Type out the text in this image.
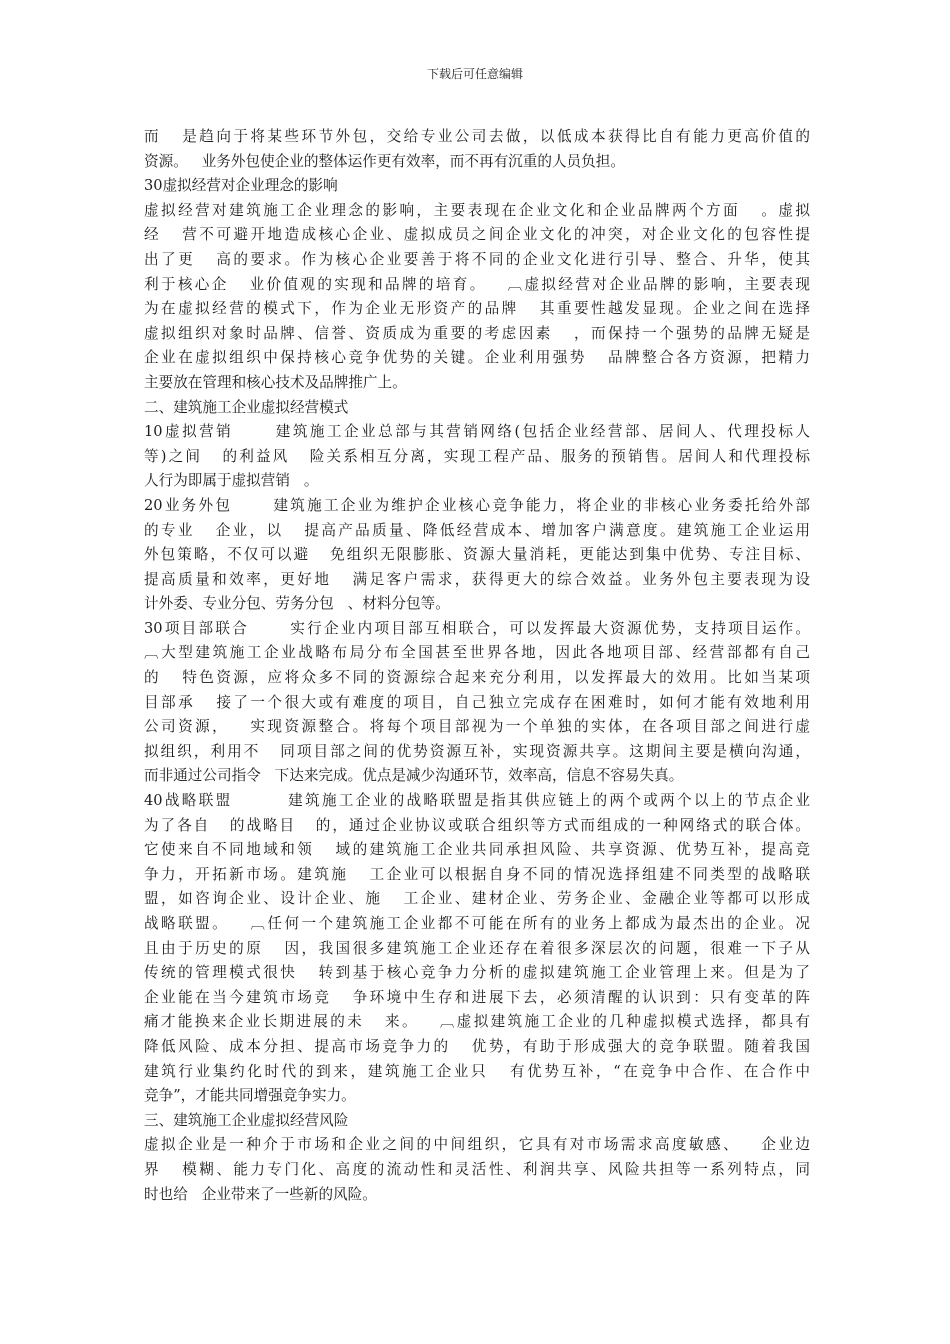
下载后可任意编辑
而   是趋向于将某些环节外包，交给专业公司去做，以低成本获得比自有能力更高价值的
资源。   业务外包使企业的整体运作更有效率，而不再有沉重的人员负担。
30虚拟经营对企业理念的影响
虚拟经营对建筑施工企业理念的影响，主要表现在企业文化和企业品牌两个方面   。虚拟
经   营不可避开地造成核心企业、虚拟成员之间企业文化的冲突，对企业文化的包容性提
出了更   高的要求。作为核心企业要善于将不同的企业文化进行引导、整合、升华，使其
利于核心企   业价值观的实现和品牌的培育。   ︹虚拟经营对企业品牌的影响，主要表现
为在虚拟经营的模式下，作为企业无形资产的品牌   其重要性越发显现。企业之间在选择
虚拟组织对象时品牌、信誉、资质成为重要的考虑因素   ，而保持一个强势的品牌无疑是
企业在虚拟组织中保持核心竞争优势的关键。企业利用强势   品牌整合各方资源，把精力
主要放在管理和核心技术及品牌推广上。
二、建筑施工企业虚拟经营模式
10虚拟营销      建筑施工企业总部与其营销网络(包括企业经营部、居间人、代理投标人
等)之间   的利益风   险关系相互分离，实现工程产品、服务的预销售。居间人和代理投标
人行为即属于虚拟营销   。
20业务外包      建筑施工企业为维护企业核心竞争能力，将企业的非核心业务委托给外部
的专业   企业，以   提高产品质量、降低经营成本、增加客户满意度。建筑施工企业运用
外包策略，不仅可以避   免组织无限膨胀、资源大量消耗，更能达到集中优势、专注目标、
提高质量和效率，更好地   满足客户需求，获得更大的综合效益。业务外包主要表现为设
计外委、专业分包、劳务分包   、材料分包等。
30项目部联合      实行企业内项目部互相联合，可以发挥最大资源优势，支持项目运作。
︹大型建筑施工企业战略布局分布全国甚至世界各地，因此各地项目部、经营部都有自己
的   特色资源，应将众多不同的资源综合起来充分利用，以发挥最大的效用。比如当某项
目部承   接了一个很大或有难度的项目，自己独立完成存在困难时，如何才能有效地利用
公司资源，   实现资源整合。将每个项目部视为一个单独的实体，在各项目部之间进行虚
拟组织，利用不   同项目部之间的优势资源互补，实现资源共享。这期间主要是横向沟通，
而非通过公司指令   下达来完成。优点是减少沟通环节，效率高，信息不容易失真。
40战略联盟        建筑施工企业的战略联盟是指其供应链上的两个或两个以上的节点企业
为了各自   的战略目   的，通过企业协议或联合组织等方式而组成的一种网络式的联合体。
它使来自不同地域和领   域的建筑施工企业共同承担风险、共享资源、优势互补，提高竞
争力，开拓新市场。建筑施   工企业可以根据自身不同的情况选择组建不同类型的战略联
盟，如咨询企业、设计企业、施   工企业、建材企业、劳务企业、金融企业等都可以形成
战略联盟。   ︹任何一个建筑施工企业都不可能在所有的业务上都成为最杰出的企业。况
且由于历史的原   因，我国很多建筑施工企业还存在着很多深层次的问题，很难一下子从
传统的管理模式很快   转到基于核心竞争力分析的虚拟建筑施工企业管理上来。但是为了
企业能在当今建筑市场竞   争环境中生存和进展下去，必须清醒的认识到：只有变革的阵
痛才能换来企业长期进展的未   来。   ︹虚拟建筑施工企业的几种虚拟模式选择，都具有
降低风险、成本分担、提高市场竞争力的   优势，有助于形成强大的竞争联盟。随着我国
建筑行业集约化时代的到来，建筑施工企业只   有优势互补，“在竞争中合作、在合作中
竞争”，才能共同增强竞争实力。
三、建筑施工企业虚拟经营风险
虚拟企业是一种介于市场和企业之间的中间组织，它具有对市场需求高度敏感、   企业边
界   模糊、能力专门化、高度的流动性和灵活性、利润共享、风险共担等一系列特点，同
时也给   企业带来了一些新的风险。
